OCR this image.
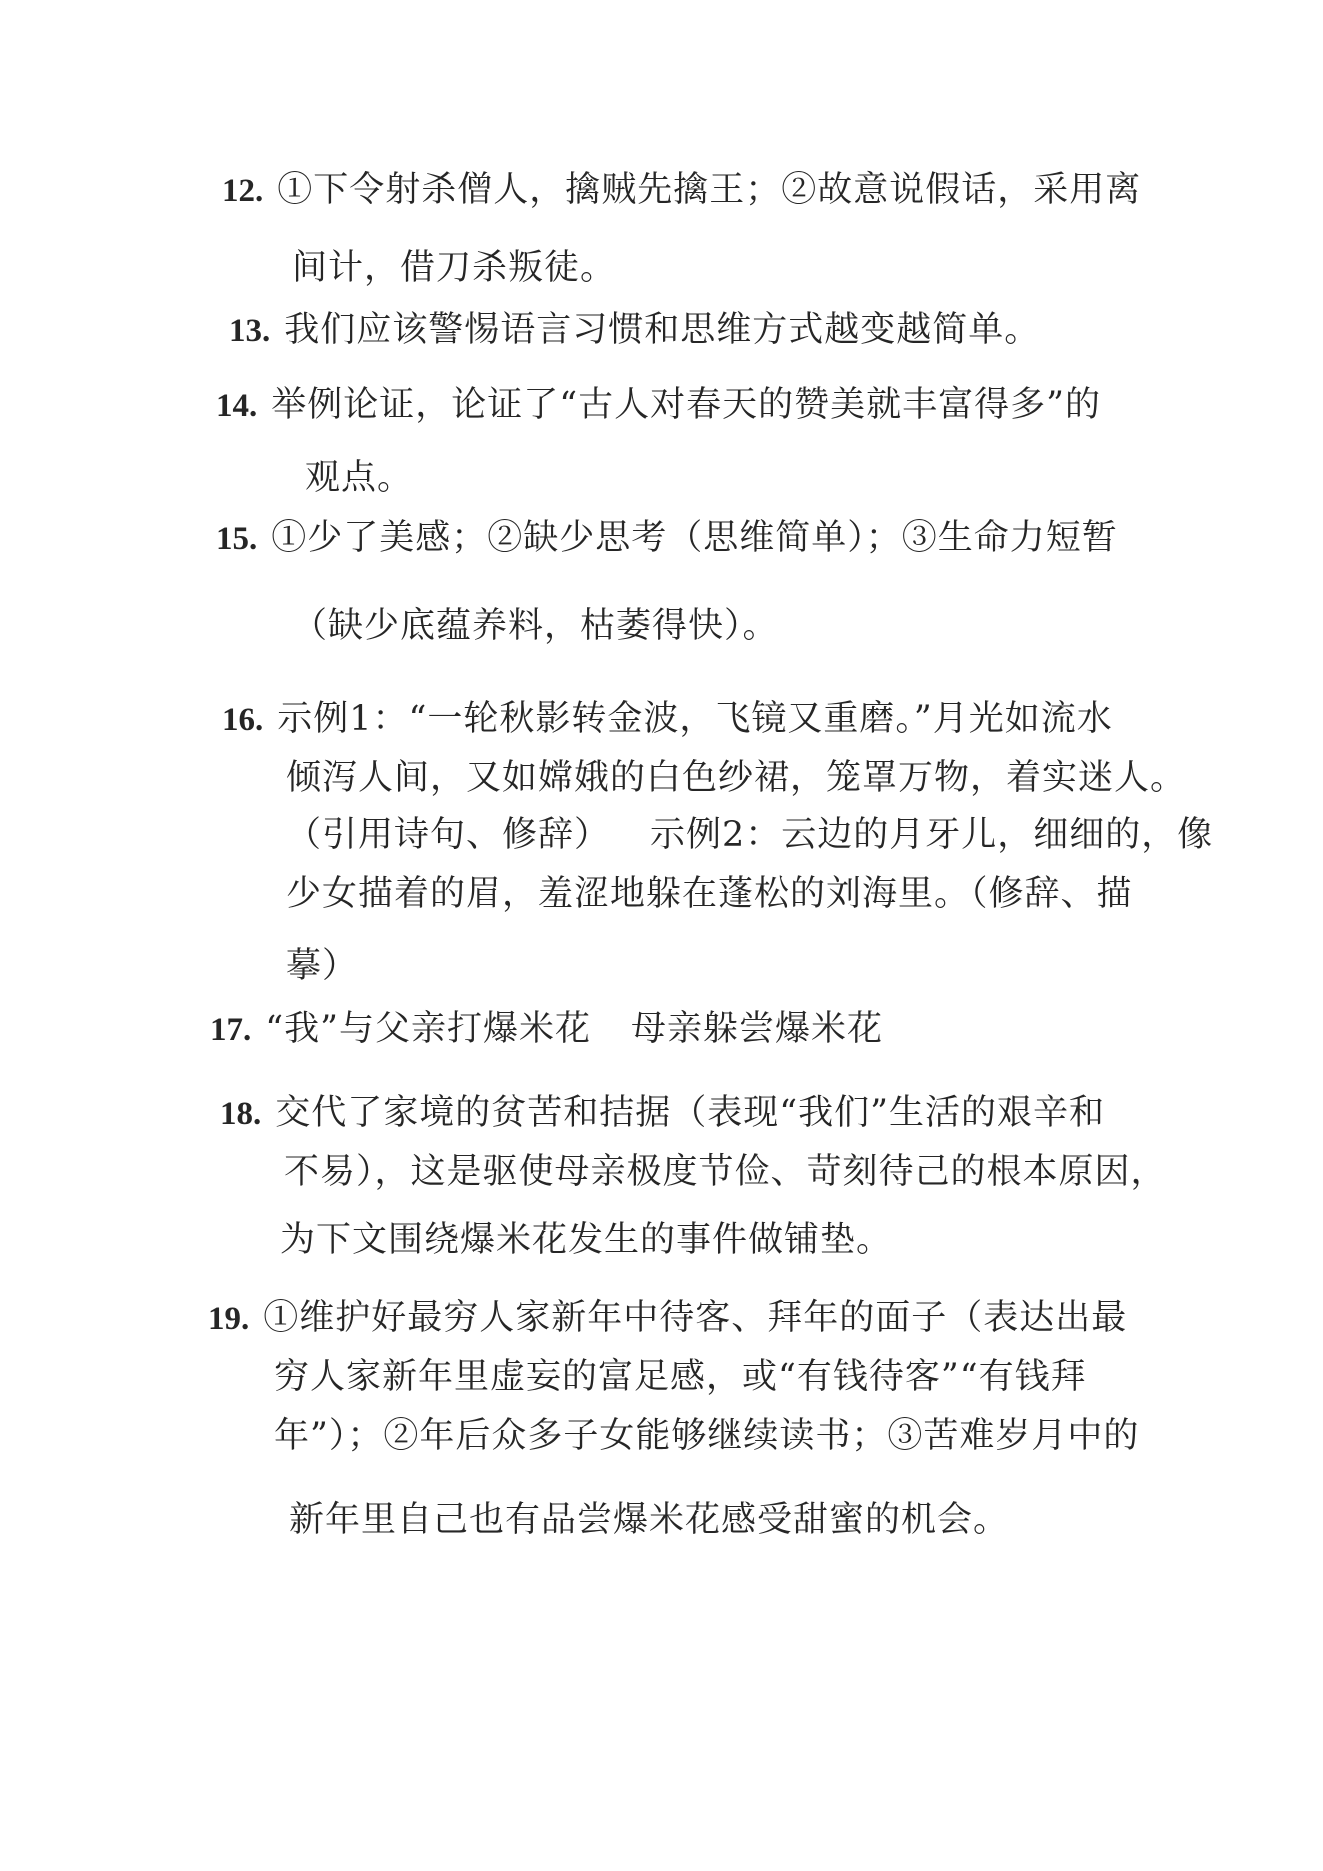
12. ①下令射杀僧人，擒贼先擒王；②故意说假话，采用离
间计，借刀杀叛徒。
13. 我们应该警惕语言习惯和思维方式越变越简单。
14. 举例论证，论证了“古人对春天的赞美就丰富得多”的
观点。
15. ①少了美感；②缺少思考（思维简单）；③生命力短暂
（缺少底蕴养料，枯萎得快）。
16. 示例1：“一轮秋影转金波，飞镜又重磨。”月光如流水
倾泻人间，又如嫦娥的白色纱裙，笼罩万物，着实迷人。
（引用诗句、修辞） 示例2：云边的月牙儿，细细的，像
少女描着的眉，羞涩地躲在蓬松的刘海里。（修辞、描
摹）
17. “我”与父亲打爆米花 母亲躲尝爆米花
18. 交代了家境的贫苦和拮据（表现“我们”生活的艰辛和
不易），这是驱使母亲极度节俭、苛刻待己的根本原因，
为下文围绕爆米花发生的事件做铺垫。
19. ①维护好最穷人家新年中待客、拜年的面子（表达出最
穷人家新年里虚妄的富足感，或“有钱待客”“有钱拜
年”）；②年后众多子女能够继续读书；③苦难岁月中的
新年里自己也有品尝爆米花感受甜蜜的机会。
